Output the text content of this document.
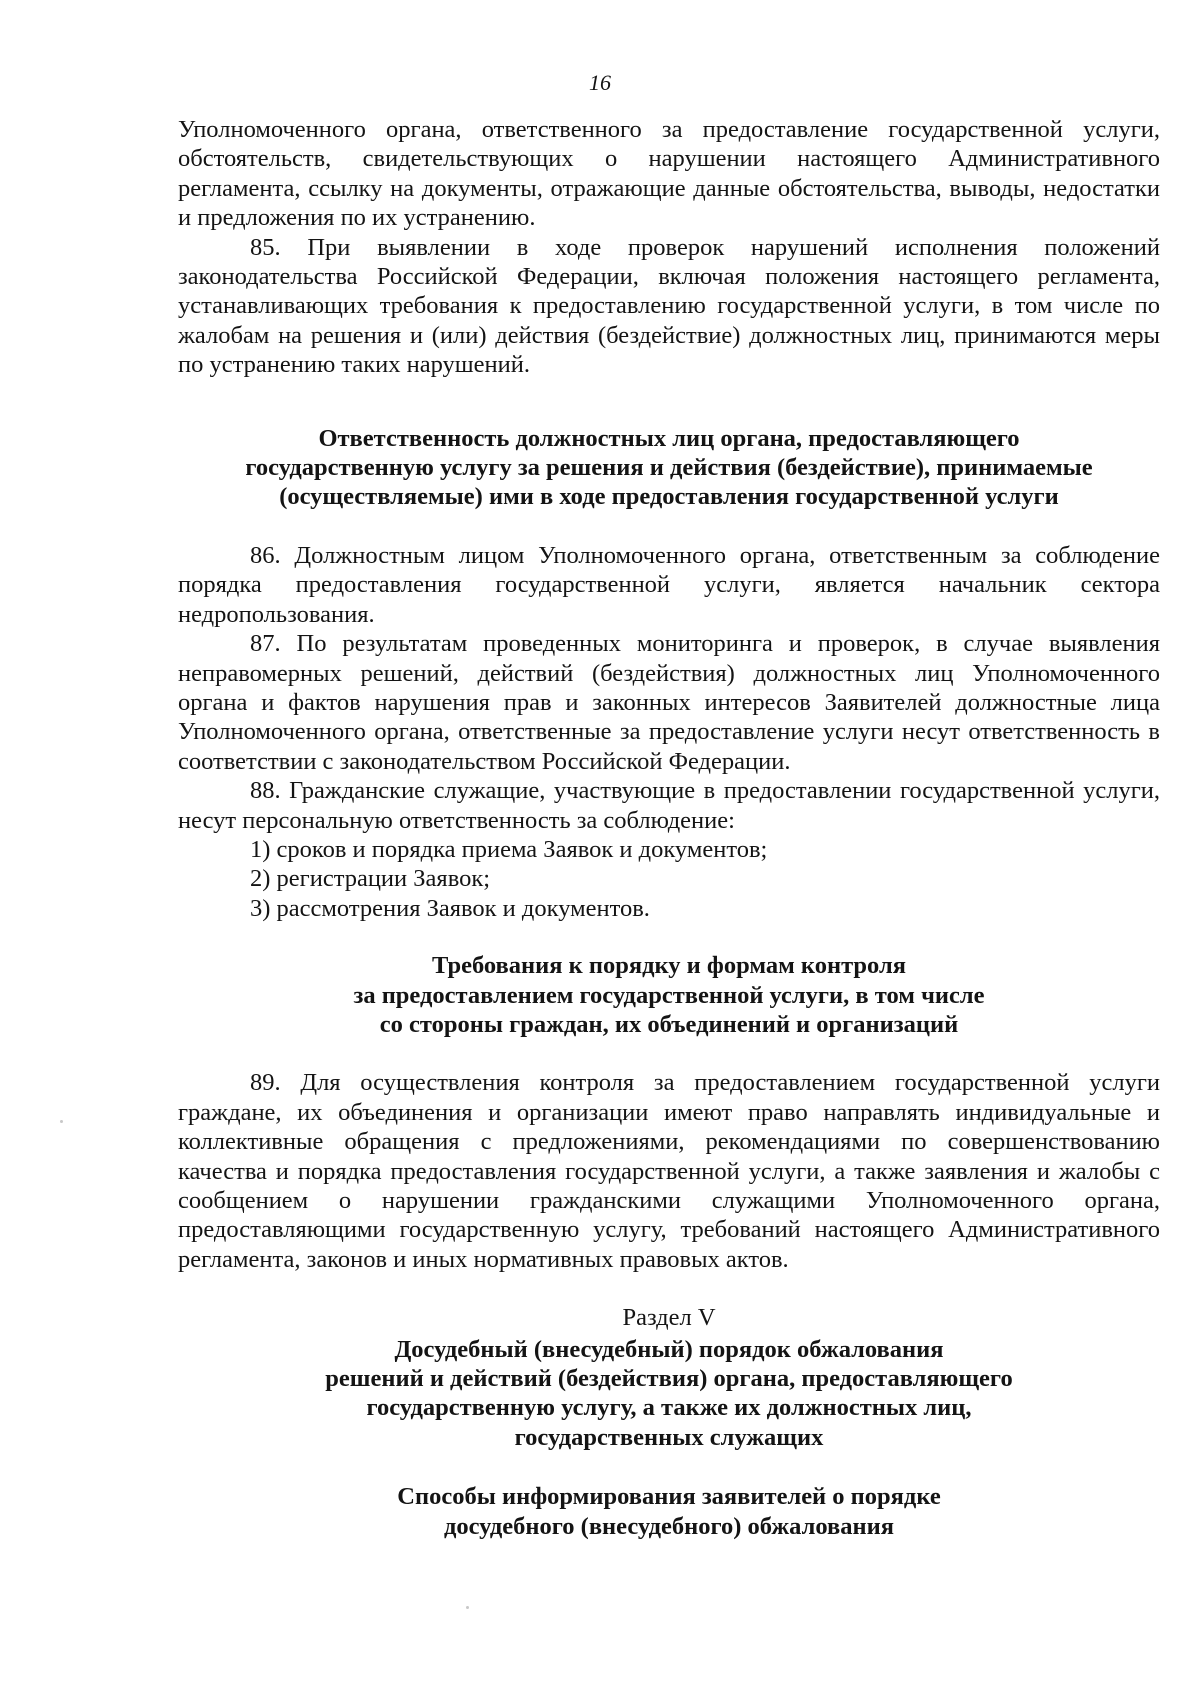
16

Уполномоченного органа, ответственного за предоставление государственной услуги, обстоятельств, свидетельствующих о нарушении настоящего Административного регламента, ссылку на документы, отражающие данные обстоятельства, выводы, недостатки и предложения по их устранению.

85. При выявлении в ходе проверок нарушений исполнения положений законодательства Российской Федерации, включая положения настоящего регламента, устанавливающих требования к предоставлению государственной услуги, в том числе по жалобам на решения и (или) действия (бездействие) должностных лиц, принимаются меры по устранению таких нарушений.

Ответственность должностных лиц органа, предоставляющего
государственную услугу за решения и действия (бездействие), принимаемые
(осуществляемые) ими в ходе предоставления государственной услуги

86. Должностным лицом Уполномоченного органа, ответственным за соблюдение порядка предоставления государственной услуги, является начальник сектора недропользования.

87. По результатам проведенных мониторинга и проверок, в случае выявления неправомерных решений, действий (бездействия) должностных лиц Уполномоченного органа и фактов нарушения прав и законных интересов Заявителей должностные лица Уполномоченного органа, ответственные за предоставление услуги несут ответственность в соответствии с законодательством Российской Федерации.

88. Гражданские служащие, участвующие в предоставлении государственной услуги, несут персональную ответственность за соблюдение:

1) сроков и порядка приема Заявок и документов;

2) регистрации Заявок;

3) рассмотрения Заявок и документов.

Требования к порядку и формам контроля
за предоставлением государственной услуги, в том числе
со стороны граждан, их объединений и организаций

89. Для осуществления контроля за предоставлением государственной услуги граждане, их объединения и организации имеют право направлять индивидуальные и коллективные обращения с предложениями, рекомендациями по совершенствованию качества и порядка предоставления государственной услуги, а также заявления и жалобы с сообщением о нарушении гражданскими служащими Уполномоченного органа, предоставляющими государственную услугу, требований настоящего Административного регламента, законов и иных нормативных правовых актов.

Раздел V
Досудебный (внесудебный) порядок обжалования
решений и действий (бездействия) органа, предоставляющего
государственную услугу, а также их должностных лиц,
государственных служащих
Способы информирования заявителей о порядке
досудебного (внесудебного) обжалования
